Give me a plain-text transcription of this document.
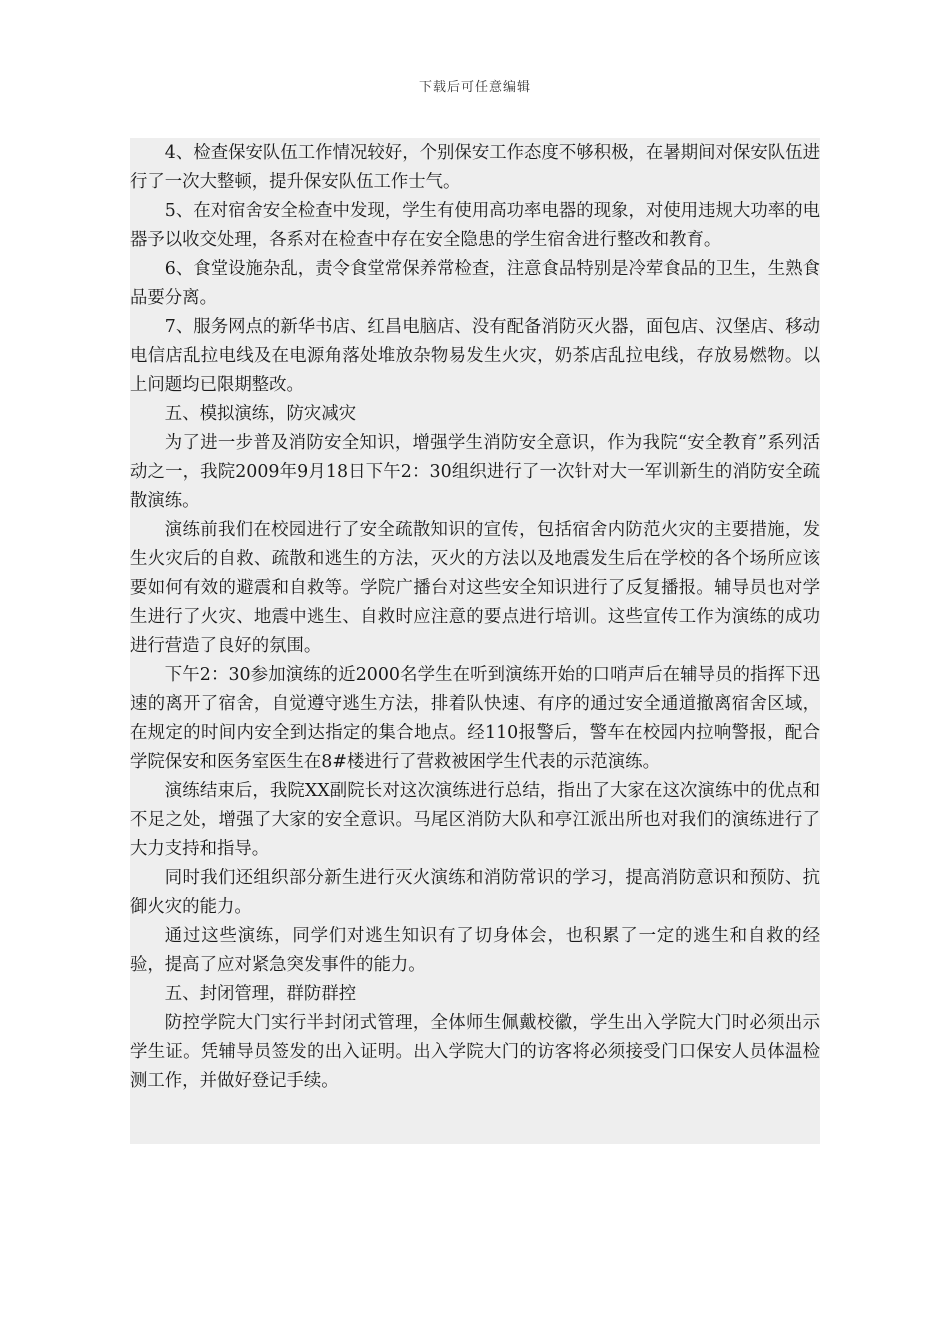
下载后可任意编辑

4、检查保安队伍工作情况较好，个别保安工作态度不够积极，在暑期间对保安队伍进行了一次大整顿，提升保安队伍工作士气。

5、在对宿舍安全检查中发现，学生有使用高功率电器的现象，对使用违规大功率的电器予以收交处理，各系对在检查中存在安全隐患的学生宿舍进行整改和教育。

6、食堂设施杂乱，责令食堂常保养常检查，注意食品特别是冷荤食品的卫生，生熟食品要分离。

7、服务网点的新华书店、红昌电脑店、没有配备消防灭火器，面包店、汉堡店、移动电信店乱拉电线及在电源角落处堆放杂物易发生火灾，奶茶店乱拉电线，存放易燃物。以上问题均已限期整改。

五、模拟演练，防灾减灾

为了进一步普及消防安全知识，增强学生消防安全意识，作为我院“安全教育”系列活动之一，我院2009年9月18日下午2：30组织进行了一次针对大一军训新生的消防安全疏散演练。

演练前我们在校园进行了安全疏散知识的宣传，包括宿舍内防范火灾的主要措施，发生火灾后的自救、疏散和逃生的方法，灭火的方法以及地震发生后在学校的各个场所应该要如何有效的避震和自救等。学院广播台对这些安全知识进行了反复播报。辅导员也对学生进行了火灾、地震中逃生、自救时应注意的要点进行培训。这些宣传工作为演练的成功进行营造了良好的氛围。

下午2：30参加演练的近2000名学生在听到演练开始的口哨声后在辅导员的指挥下迅速的离开了宿舍，自觉遵守逃生方法，排着队快速、有序的通过安全通道撤离宿舍区域，在规定的时间内安全到达指定的集合地点。经110报警后，警车在校园内拉响警报，配合学院保安和医务室医生在8#楼进行了营救被困学生代表的示范演练。

演练结束后，我院XX副院长对这次演练进行总结，指出了大家在这次演练中的优点和不足之处，增强了大家的安全意识。马尾区消防大队和亭江派出所也对我们的演练进行了大力支持和指导。

同时我们还组织部分新生进行灭火演练和消防常识的学习，提高消防意识和预防、抗御火灾的能力。

通过这些演练，同学们对逃生知识有了切身体会，也积累了一定的逃生和自救的经验，提高了应对紧急突发事件的能力。

五、封闭管理，群防群控

防控学院大门实行半封闭式管理，全体师生佩戴校徽，学生出入学院大门时必须出示学生证。凭辅导员签发的出入证明。出入学院大门的访客将必须接受门口保安人员体温检测工作，并做好登记手续。
